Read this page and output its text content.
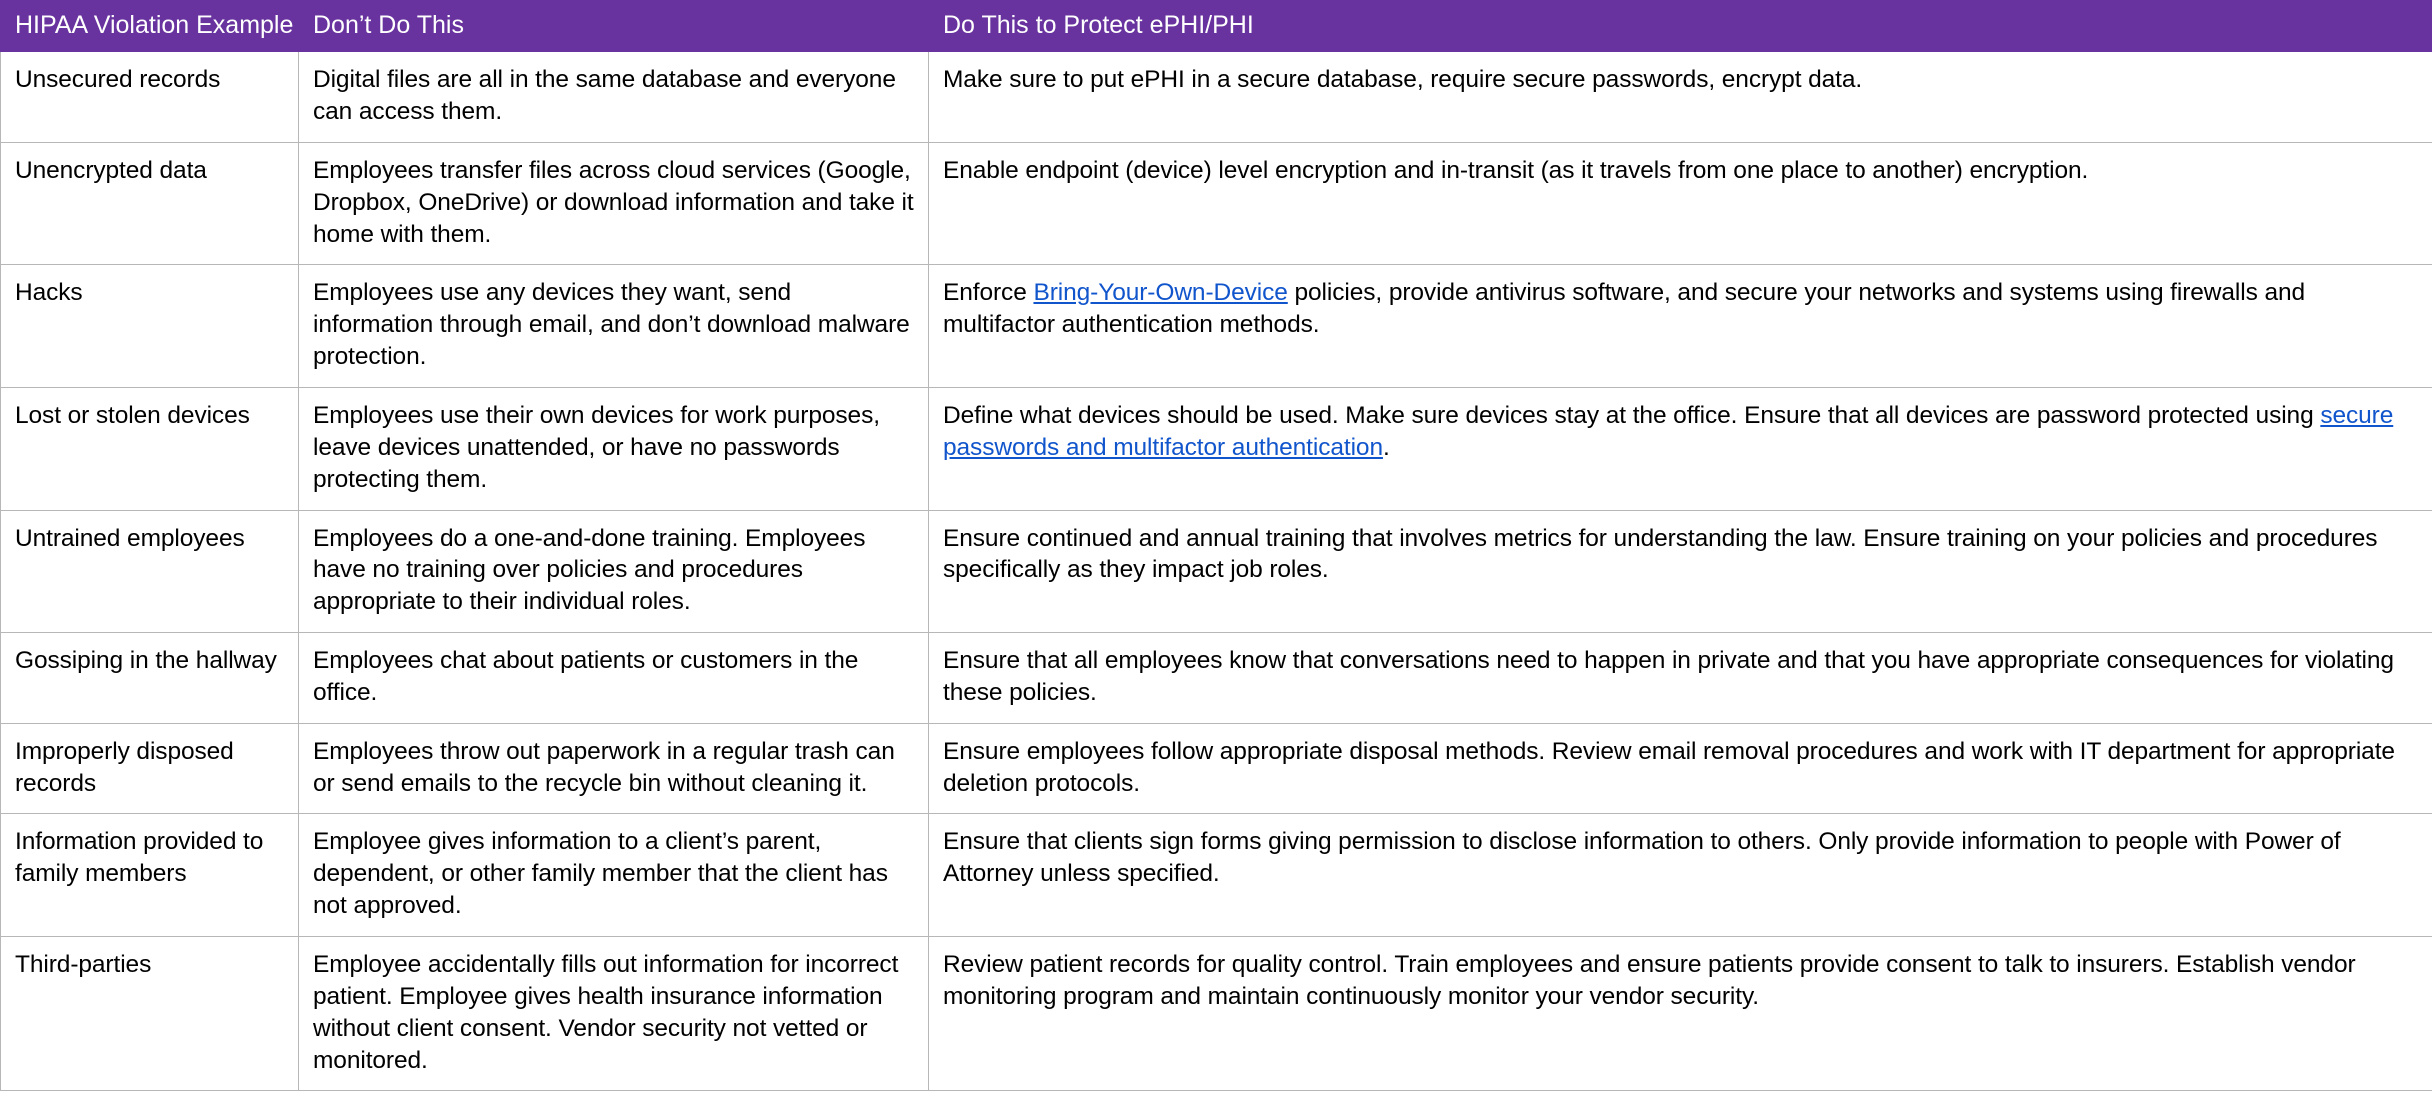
HIPAA Violation Example	Don’t Do This	Do This to Protect ePHI/PHI
Unsecured records	Digital files are all in the same database and everyone can access them.	Make sure to put ePHI in a secure database, require secure passwords, encrypt data.
Unencrypted data	Employees transfer files across cloud services (Google, Dropbox, OneDrive) or download information and take it home with them.	Enable endpoint (device) level encryption and in-transit (as it travels from one place to another) encryption.
Hacks	Employees use any devices they want, send information through email, and don’t download malware protection.	Enforce Bring-Your-Own-Device policies, provide antivirus software, and secure your networks and systems using firewalls and multifactor authentication methods.
Lost or stolen devices	Employees use their own devices for work purposes, leave devices unattended, or have no passwords protecting them.	Define what devices should be used. Make sure devices stay at the office. Ensure that all devices are password protected using secure passwords and multifactor authentication.
Untrained employees	Employees do a one-and-done training. Employees have no training over policies and procedures appropriate to their individual roles.	Ensure continued and annual training that involves metrics for understanding the law. Ensure training on your policies and procedures specifically as they impact job roles.
Gossiping in the hallway	Employees chat about patients or customers in the office.	Ensure that all employees know that conversations need to happen in private and that you have appropriate consequences for violating these policies.
Improperly disposed records	Employees throw out paperwork in a regular trash can or send emails to the recycle bin without cleaning it.	Ensure employees follow appropriate disposal methods. Review email removal procedures and work with IT department for appropriate deletion protocols.
Information provided to family members	Employee gives information to a client’s parent, dependent, or other family member that the client has not approved.	Ensure that clients sign forms giving permission to disclose information to others. Only provide information to people with Power of Attorney unless specified.
Third-parties	Employee accidentally fills out information for incorrect patient. Employee gives health insurance information without client consent. Vendor security not vetted or monitored.	Review patient records for quality control. Train employees and ensure patients provide consent to talk to insurers. Establish vendor monitoring program and maintain continuously monitor your vendor security.
